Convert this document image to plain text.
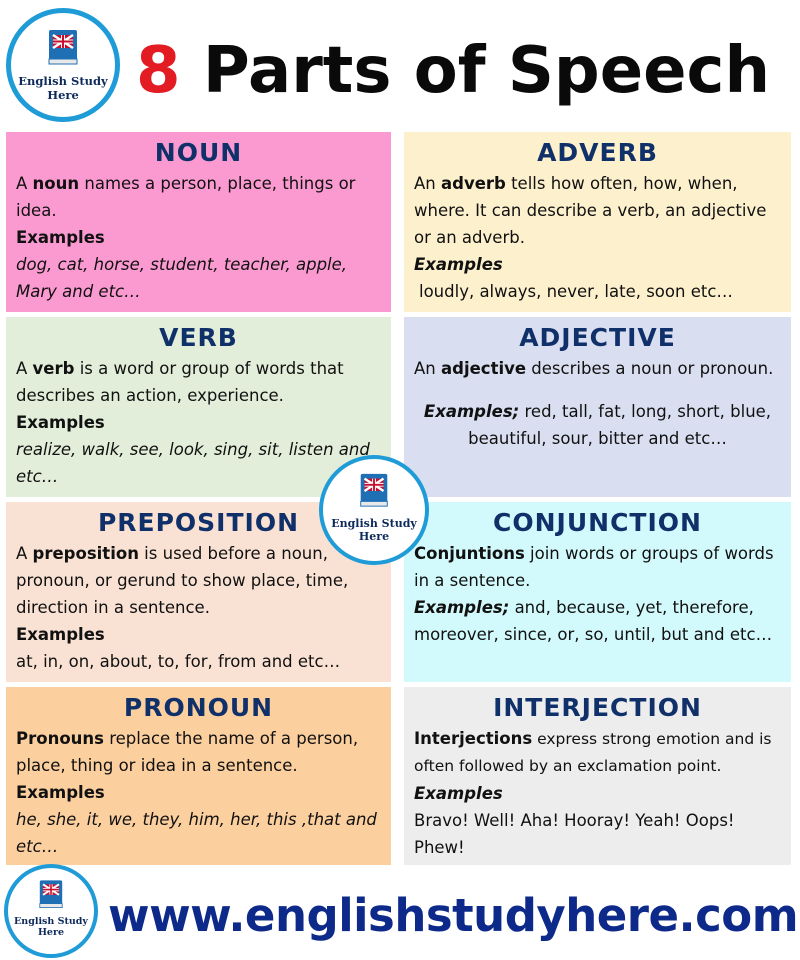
English Study
Here 8 Parts of Speech
NOUN

A noun names a person, place, things or idea.

Examples

dog, cat, horse, student, teacher, apple, Mary and etc…

ADVERB

An adverb tells how often, how, when, where. It can describe a verb, an adjective or an adverb.

Examples

loudly, always, never, late, soon etc…

VERB

A verb is a word or group of words that describes an action, experience.

Examples

realize, walk, see, look, sing, sit, listen and etc…

ADJECTIVE

An adjective describes a noun or pronoun.

Examples; red, tall, fat, long, short, blue, beautiful, sour, bitter and etc…

PREPOSITION

A preposition is used before a noun, pronoun, or gerund to show place, time, direction in a sentence.

Examples

at, in, on, about, to, for, from and etc…

CONJUNCTION

Conjuntions join words or groups of words in a sentence.

Examples; and, because, yet, therefore, moreover, since, or, so, until, but and etc…

PRONOUN

Pronouns replace the name of a person, place, thing or idea in a sentence.

Examples

he, she, it, we, they, him, her, this ,that and etc…

INTERJECTION

Interjections express strong emotion and is often followed by an exclamation point.

Examples

Bravo! Well! Aha! Hooray! Yeah! Oops! Phew!

English Study
Here
English Study
Here www.englishstudyhere.com
